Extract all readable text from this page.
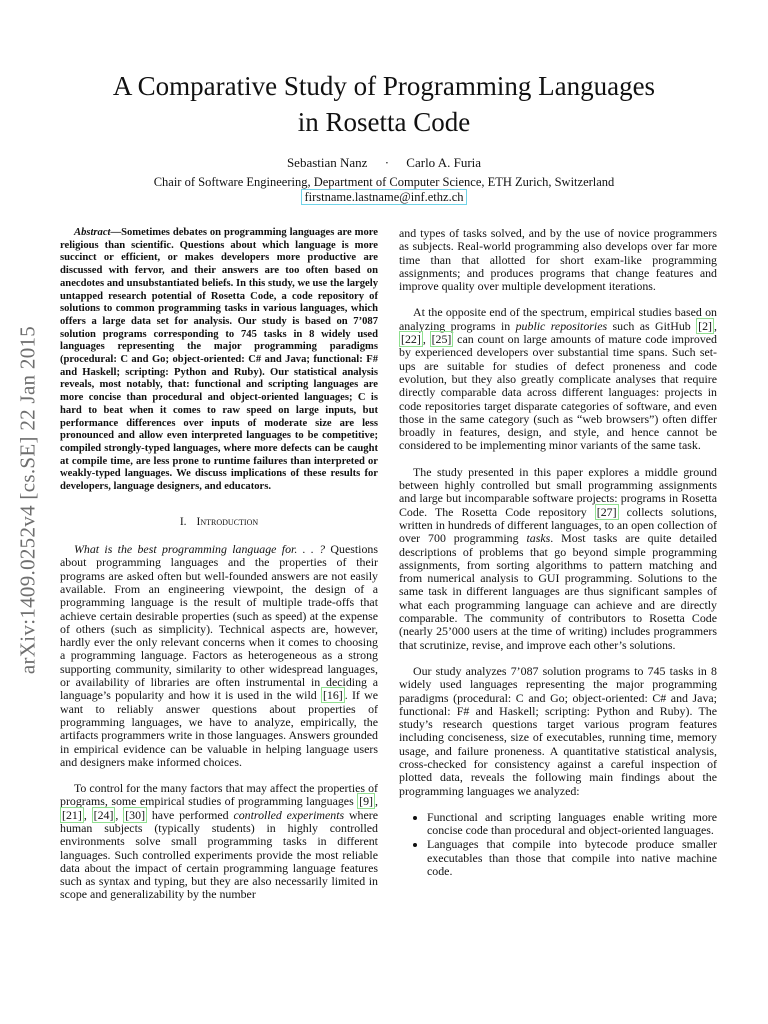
A Comparative Study of Programming Languages
in Rosetta Code
Sebastian Nanz · Carlo A. Furia
Chair of Software Engineering, Department of Computer Science, ETH Zurich, Switzerland
firstname.lastname@inf.ethz.ch
arXiv:1409.0252v4 [cs.SE] 22 Jan 2015

Abstract—Sometimes debates on programming languages are more religious than scientific. Questions about which language is more succinct or efficient, or makes developers more productive are discussed with fervor, and their answers are too often based on anecdotes and unsubstantiated beliefs. In this study, we use the largely untapped research potential of Rosetta Code, a code repository of solutions to common programming tasks in various languages, which offers a large data set for analysis. Our study is based on 7’087 solution programs corresponding to 745 tasks in 8 widely used languages representing the major programming paradigms (procedural: C and Go; object-oriented: C# and Java; functional: F# and Haskell; scripting: Python and Ruby). Our statistical analysis reveals, most notably, that: functional and scripting languages are more concise than procedural and object-oriented languages; C is hard to beat when it comes to raw speed on large inputs, but performance differences over inputs of moderate size are less pronounced and allow even interpreted languages to be competitive; compiled strongly-typed languages, where more defects can be caught at compile time, are less prone to runtime failures than interpreted or weakly-typed languages. We discuss implications of these results for developers, language designers, and educators.

I. Introduction

What is the best programming language for. . . ? Questions about programming languages and the properties of their programs are asked often but well-founded answers are not easily available. From an engineering viewpoint, the design of a programming language is the result of multiple trade-offs that achieve certain desirable properties (such as speed) at the expense of others (such as simplicity). Technical aspects are, however, hardly ever the only relevant concerns when it comes to choosing a programming language. Factors as heterogeneous as a strong supporting community, similarity to other widespread languages, or availability of libraries are often instrumental in deciding a language’s popularity and how it is used in the wild [16] . If we want to reliably answer questions about properties of programming languages, we have to analyze, empirically, the artifacts programmers write in those languages. Answers grounded in empirical evidence can be valuable in helping language users and designers make informed choices.

To control for the many factors that may affect the properties of programs, some empirical studies of programming languages [9] , [21] , [24] , [30] have performed controlled experiments where human subjects (typically students) in highly controlled environments solve small programming tasks in different languages. Such controlled experiments provide the most reliable data about the impact of certain programming language features such as syntax and typing, but they are also necessarily limited in scope and generalizability by the number

and types of tasks solved, and by the use of novice programmers as subjects. Real-world programming also develops over far more time than that allotted for short exam-like programming assignments; and produces programs that change features and improve quality over multiple development iterations.

At the opposite end of the spectrum, empirical studies based on analyzing programs in public repositories such as GitHub [2] , [22] , [25] can count on large amounts of mature code improved by experienced developers over substantial time spans. Such set-ups are suitable for studies of defect proneness and code evolution, but they also greatly complicate analyses that require directly comparable data across different languages: projects in code repositories target disparate categories of software, and even those in the same category (such as “web browsers”) often differ broadly in features, design, and style, and hence cannot be considered to be implementing minor variants of the same task.

The study presented in this paper explores a middle ground between highly controlled but small programming assignments and large but incomparable software projects: programs in Rosetta Code. The Rosetta Code repository [27] collects solutions, written in hundreds of different languages, to an open collection of over 700 programming tasks. Most tasks are quite detailed descriptions of problems that go beyond simple programming assignments, from sorting algorithms to pattern matching and from numerical analysis to GUI programming. Solutions to the same task in different languages are thus significant samples of what each programming language can achieve and are directly comparable. The community of contributors to Rosetta Code (nearly 25’000 users at the time of writing) includes programmers that scrutinize, revise, and improve each other’s solutions.

Our study analyzes 7’087 solution programs to 745 tasks in 8 widely used languages representing the major programming paradigms (procedural: C and Go; object-oriented: C# and Java; functional: F# and Haskell; scripting: Python and Ruby). The study’s research questions target various program features including conciseness, size of executables, running time, memory usage, and failure proneness. A quantitative statistical analysis, cross-checked for consistency against a careful inspection of plotted data, reveals the following main findings about the programming languages we analyzed:

• Functional and scripting languages enable writing more concise code than procedural and object-oriented languages.
• Languages that compile into bytecode produce smaller executables than those that compile into native machine code.
